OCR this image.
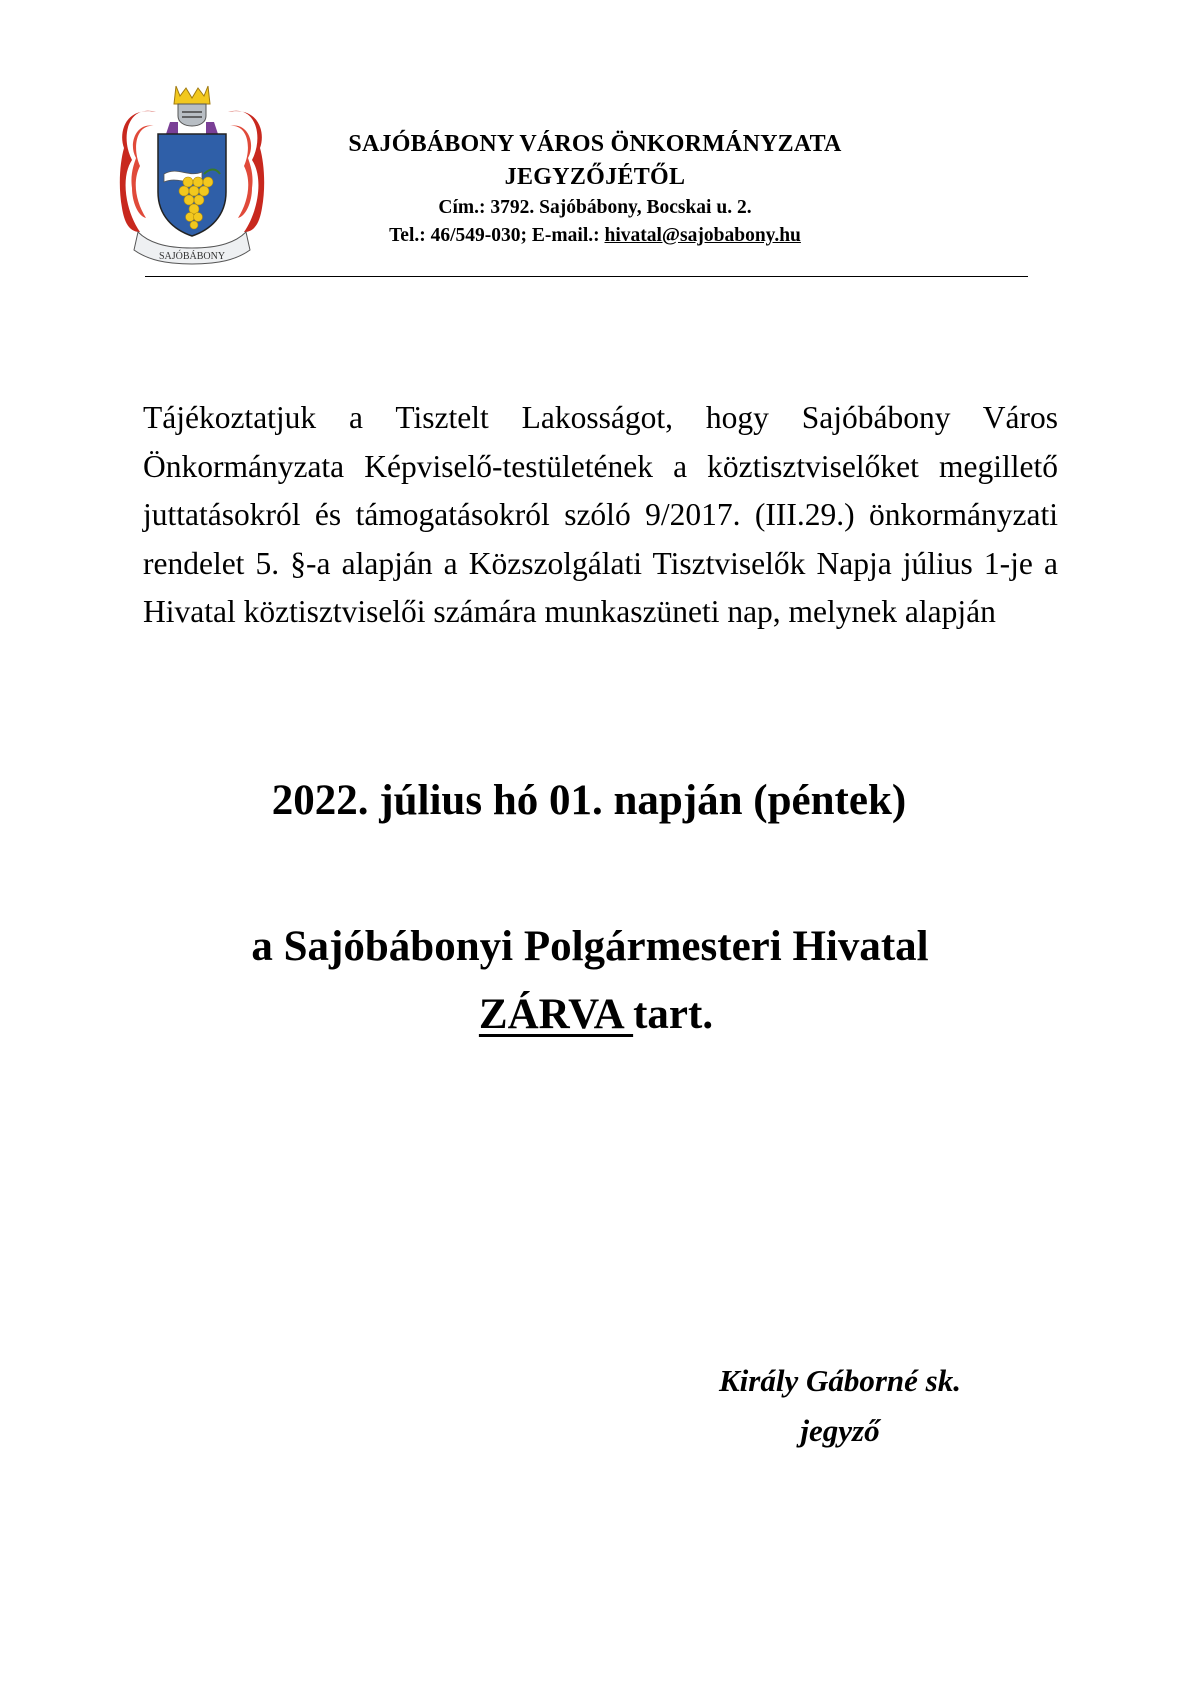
SAJÓBÁBONY
SAJÓBÁBONY VÁROS ÖNKORMÁNYZATA
JEGYZŐJÉTŐL
Cím.: 3792. Sajóbábony, Bocskai u. 2.
Tel.: 46/549-030; E-mail.: hivatal@sajobabony.hu

Tájékoztatjuk a Tisztelt Lakosságot, hogy Sajóbábony Város Önkormányzata Képviselő-testületének a köztisztviselőket megillető juttatásokról és támogatásokról szóló 9/2017. (III.29.) önkormányzati rendelet 5. §-a alapján a Közszolgálati Tisztviselők Napja július 1-je a Hivatal köztisztviselői számára munkaszüneti nap, melynek alapján

2022. július hó 01. napján (péntek)
a Sajóbábonyi Polgármesteri Hivatal
ZÁRVA tart.
Király Gáborné sk.
jegyző
